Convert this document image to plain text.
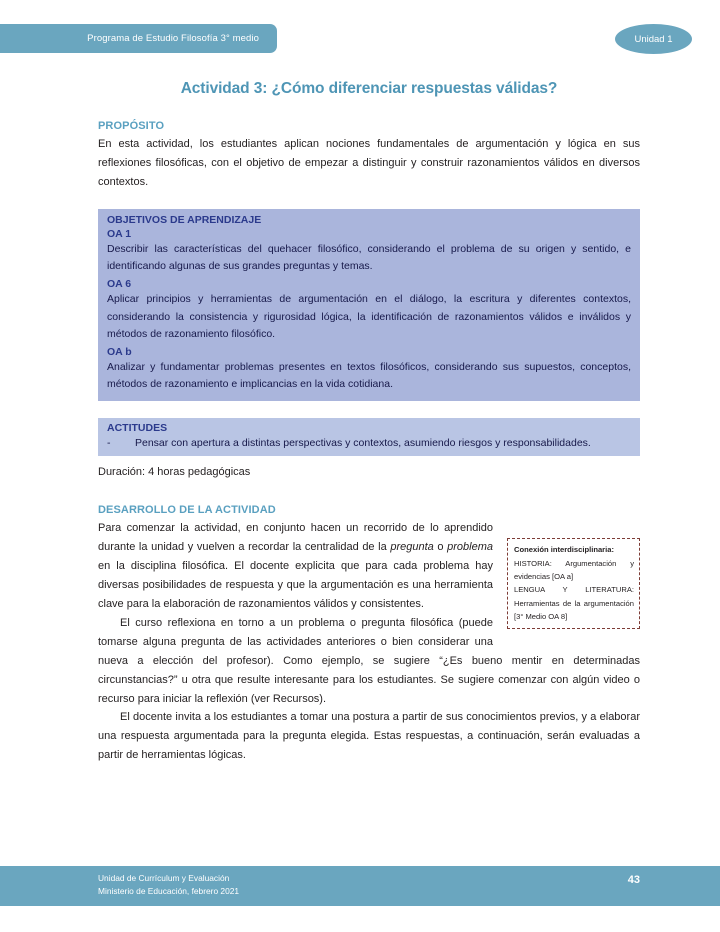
Programa de Estudio Filosofía 3° medio	Unidad 1
Actividad 3: ¿Cómo diferenciar respuestas válidas?
PROPÓSITO

En esta actividad, los estudiantes aplican nociones fundamentales de argumentación y lógica en sus reflexiones filosóficas, con el objetivo de empezar a distinguir y construir razonamientos válidos en diversos contextos.

OBJETIVOS DE APRENDIZAJE
OA 1

Describir las características del quehacer filosófico, considerando el problema de su origen y sentido, e identificando algunas de sus grandes preguntas y temas.

OA 6

Aplicar principios y herramientas de argumentación en el diálogo, la escritura y diferentes contextos, considerando la consistencia y rigurosidad lógica, la identificación de razonamientos válidos e inválidos y métodos de razonamiento filosófico.

OA b

Analizar y fundamentar problemas presentes en textos filosóficos, considerando sus supuestos, conceptos, métodos de razonamiento e implicancias en la vida cotidiana.

ACTITUDES
-	Pensar con apertura a distintas perspectivas y contextos, asumiendo riesgos y responsabilidades.
Duración: 4 horas pedagógicas
DESARROLLO DE LA ACTIVIDAD
Conexión interdisciplinaria:

HISTORIA: Argumentación y evidencias [OA a]

LENGUA Y LITERATURA: Herramientas de la argumentación [3° Medio OA 8]

Para comenzar la actividad, en conjunto hacen un recorrido de lo aprendido durante la unidad y vuelven a recordar la centralidad de la pregunta o problema en la disciplina filosófica. El docente explicita que para cada problema hay diversas posibilidades de respuesta y que la argumentación es una herramienta clave para la elaboración de razonamientos válidos y consistentes.

El curso reflexiona en torno a un problema o pregunta filosófica (puede tomarse alguna pregunta de las actividades anteriores o bien considerar una nueva a elección del profesor). Como ejemplo, se sugiere “¿Es bueno mentir en determinadas circunstancias?” u otra que resulte interesante para los estudiantes. Se sugiere comenzar con algún video o recurso para iniciar la reflexión (ver Recursos).

El docente invita a los estudiantes a tomar una postura a partir de sus conocimientos previos, y a elaborar una respuesta argumentada para la pregunta elegida. Estas respuestas, a continuación, serán evaluadas a partir de herramientas lógicas.

Unidad de Currículum y Evaluación
Ministerio de Educación, febrero 2021
43
